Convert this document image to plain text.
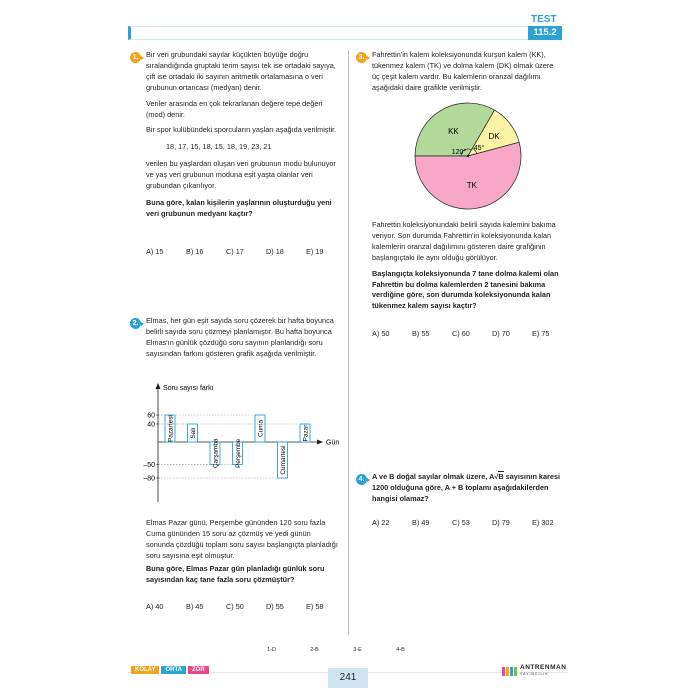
TEST
115.2
1.	Bir veri grubundaki sayılar küçükten büyüğe doğru sıralandığında gruptaki terim sayısı tek ise ortadaki sayıya, çift ise ortadaki iki sayının aritmetik ortalamasına o veri grubunun ortancası (medyan) denir.
Veriler arasında en çok tekrarlanan değere tepe değeri (mod) denir.
Bir spor kulübündeki sporcuların yaşları aşağıda verilmiştir.
18, 17, 15, 18, 15, 18, 19, 23, 21
verilen bu yaşlardan oluşan veri grubunun modu bulunuyor ve yaş veri grubunun moduna eşit yaşta olanlar veri grubundan çıkarılıyor.
Buna göre, kalan kişilerin yaşlarının oluşturduğu yeni veri grubunun medyanı kaçtır?
A) 15	B) 16	C) 17	D) 18	E) 19
2.	Elmas, her gün eşit sayıda soru çözerek bir hafta boyunca belirli sayıda soru çözmeyi planlamıştır. Bu hafta boyunca Elmas'ın günlük çözdüğü soru sayının planlandığı soru sayısından farkını gösteren grafik aşağıda verilmiştir.
Soru sayısı farkı
Gün
60
40
–50
–80
Pazartesi Salı
Çarşamba Perşembe
Cuma
Cumartesi
Pazar
Elmas Pazar günü, Perşembe gününden 120 soru fazla Cuma gününden 15 soru az çözmüş ve yedi günün sonunda çözdüğü toplam soru sayısı başlangıçta planladığı soru sayısına eşit olmuştur.
Buna göre, Elmas Pazar gün planladığı günlük soru sayısından kaç tane fazla soru çözmüştür?
A) 40	B) 45	C) 50	D) 55	E) 58
3.	Fahrettin'in kalem koleksiyonunda kurşun kalem (KK), tükenmez kalem (TK) ve dolma kalem (DK) olmak üzere üç çeşit kalem vardır. Bu kalemlerin oranzal dağılımı aşağıdaki daire grafikte verilmiştir.
KK
DK
TK
120°
45°
Fahrettin koleksiyonundaki belirli sayıda kalemini bakıma veriyor. Son durumda Fahrettin'in koleksiyonunda kalan kalemlerin oranzal dağılımını gösteren daire grafiğinin başlangıçtaki ile aynı olduğu görülüyor.
Başlangıçta koleksiyonunda 7 tane dolma kalemi olan Fahrettin bu dolma kalemlerden 2 tanesini bakıma verdiğine göre, son durumda koleksiyonunda kalan tükenmez kalem sayısı kaçtır?
A) 50	B) 55	C) 60	D) 70	E) 75
4.	A ve B doğal sayılar olmak üzere, A√B sayısının karesi 1200 olduğuna göre, A + B toplamı aşağıdakilerden hangisi olamaz?
A) 22	B) 49	C) 53	D) 79	E) 302
1-D	2-B	3-E	4-B
KOLAY	ORTA	ZOR
241
ANTRENMAN
YAYINCILIK
